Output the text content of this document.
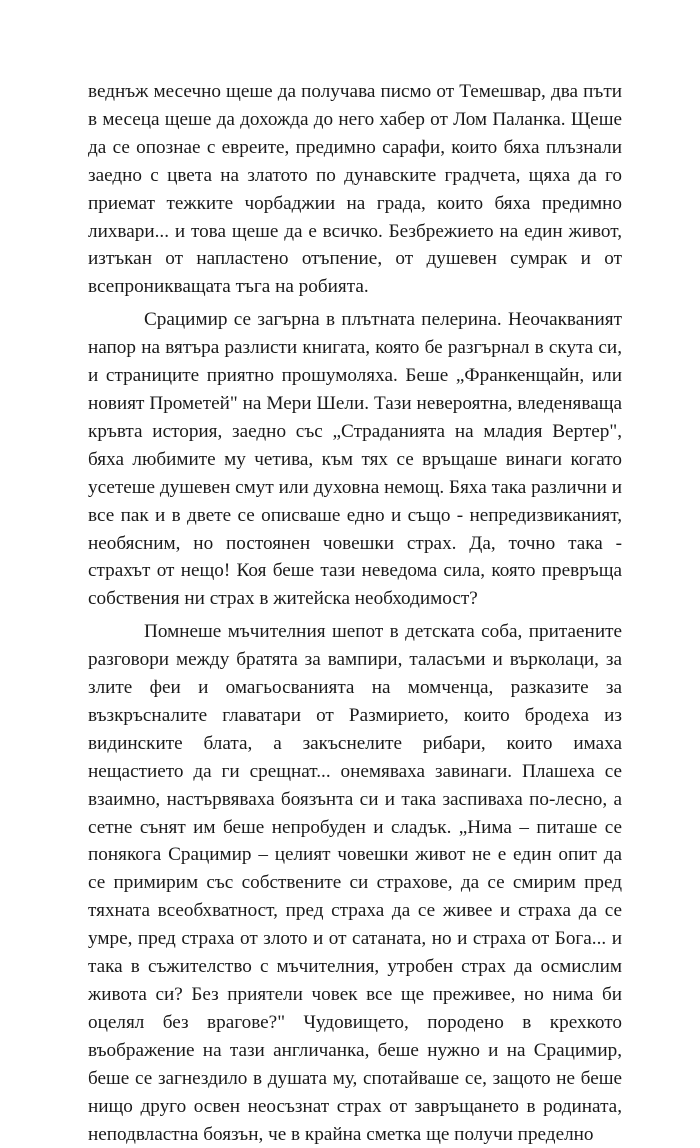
веднъж месечно щеше да получава писмо от Темешвар, два пъти в месеца щеше да дохожда до него хабер от Лом Паланка. Щеше да се опознае с евреите, предимно сарафи, които бяха плъзнали заедно с цвета на златото по дунавските градчета, щяха да го приемат тежките чорбаджии на града, които бяха предимно лихвари... и това щеше да е всичко. Безбрежието на един живот, изтъкан от напластено отъпение, от душевен сумрак и от всепроникващата тъга на робията.

Срацимир се загърна в плътната пелерина. Неочакваният напор на вятъра разлисти книгата, която бе разгърнал в скута си, и страниците приятно прошумоляха. Беше „Франкенщайн, или новият Прометей" на Мери Шели. Тази невероятна, вледеняваща кръвта история, заедно със „Страданията на младия Вертер", бяха любимите му четива, към тях се връщаше винаги когато усетеше душевен смут или духовна немощ. Бяха така различни и все пак и в двете се описваше едно и също - непредизвиканият, необясним, но постоянен човешки страх. Да, точно така - страхът от нещо! Коя беше тази неведома сила, която превръща собствения ни страх в житейска необходимост?

Помнеше мъчителния шепот в детската соба, притаените разговори между братята за вампири, таласъми и върколаци, за злите феи и омагьосванията на момченца, разказите за възкръсналите главатари от Размирието, които бродеха из видинските блата, а закъснелите рибари, които имаха нещастието да ги срещнат... онемяваха завинаги. Плашеха се взаимно, настървяваха боязънта си и така заспиваха по-лесно, а сетне сънят им беше непробуден и сладък. „Нима – питаше се понякога Срацимир – целият човешки живот не е един опит да се примирим със собствените си страхове, да се смирим пред тяхната всеобхватност, пред страха да се живее и страха да се умре, пред страха от злото и от сатаната, но и страха от Бога... и така в съжителство с мъчителния, утробен страх да осмислим живота си? Без приятели човек все ще преживее, но нима би оцелял без врагове?" Чудовището, породено в крехкото въображение на тази англичанка, беше нужно и на Срацимир, беше се загнездило в душата му, спотайваше се, защото не беше нищо друго освен неосъзнат страх от завръщането в родината, неподвластна боязън, че в крайна сметка ще получи пределно
